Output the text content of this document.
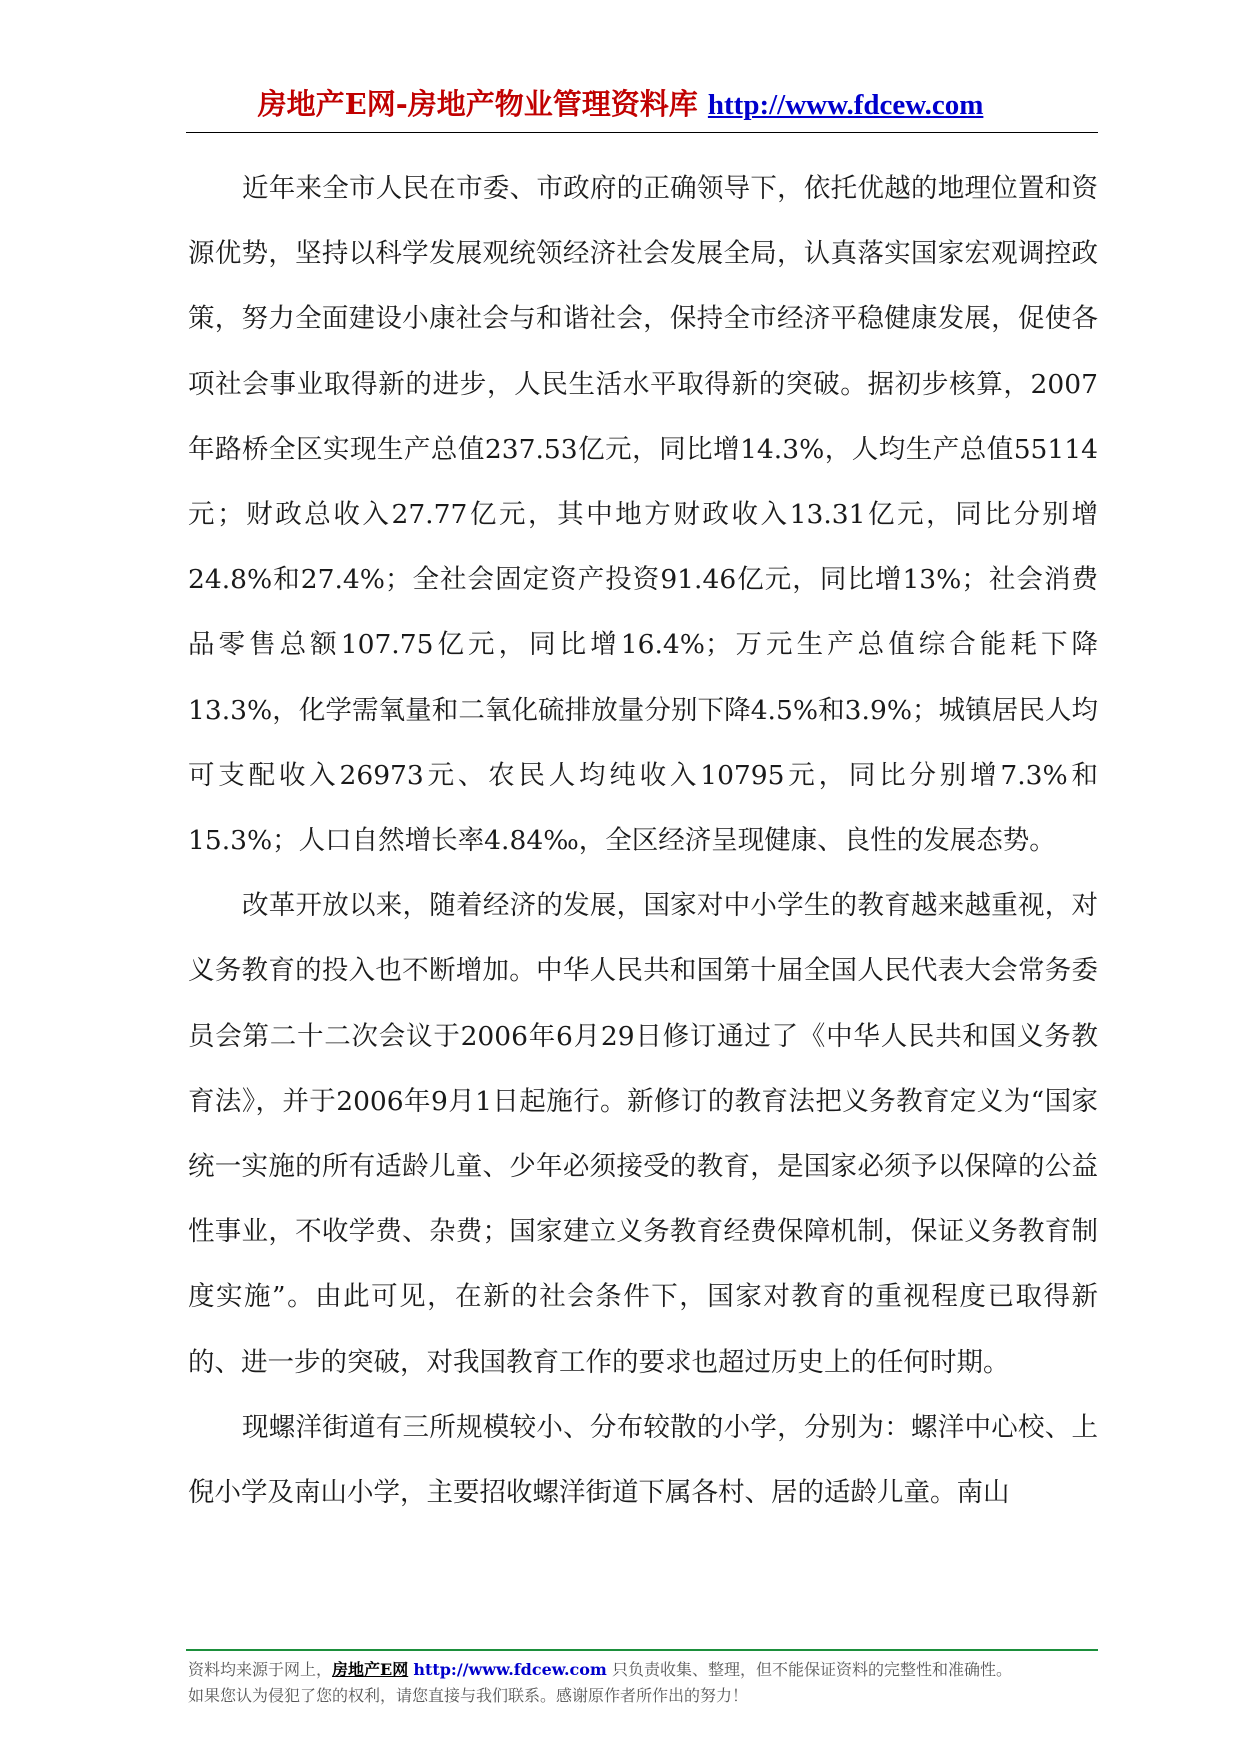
房地产E网-房地产物业管理资料库 http://www.fdcew.com

近年来全市人民在市委、市政府的正确领导下，依托优越的地理位置和资源优势，坚持以科学发展观统领经济社会发展全局，认真落实国家宏观调控政策，努力全面建设小康社会与和谐社会，保持全市经济平稳健康发展，促使各项社会事业取得新的进步，人民生活水平取得新的突破。据初步核算，2007年路桥全区实现生产总值237.53亿元，同比增14.3%，人均生产总值55114元；财政总收入27.77亿元，其中地方财政收入13.31亿元，同比分别增24.8%和27.4%；全社会固定资产投资91.46亿元，同比增13%；社会消费品零售总额107.75亿元，同比增16.4%；万元生产总值综合能耗下降13.3%，化学需氧量和二氧化硫排放量分别下降4.5%和3.9%；城镇居民人均可支配收入26973元、农民人均纯收入10795元，同比分别增7.3%和15.3%；人口自然增长率4.84‰，全区经济呈现健康、良性的发展态势。

改革开放以来，随着经济的发展，国家对中小学生的教育越来越重视，对义务教育的投入也不断增加。中华人民共和国第十届全国人民代表大会常务委员会第二十二次会议于2006年6月29日修订通过了《中华人民共和国义务教育法》，并于2006年9月1日起施行。新修订的教育法把义务教育定义为“国家统一实施的所有适龄儿童、少年必须接受的教育，是国家必须予以保障的公益性事业，不收学费、杂费；国家建立义务教育经费保障机制，保证义务教育制度实施”。由此可见，在新的社会条件下，国家对教育的重视程度已取得新的、进一步的突破，对我国教育工作的要求也超过历史上的任何时期。

现螺洋街道有三所规模较小、分布较散的小学，分别为：螺洋中心校、上倪小学及南山小学，主要招收螺洋街道下属各村、居的适龄儿童。南山

资料均来源于网上，房地产E网 http://www.fdcew.com 只负责收集、整理，但不能保证资料的完整性和准确性。
如果您认为侵犯了您的权利，请您直接与我们联系。感谢原作者所作出的努力！
